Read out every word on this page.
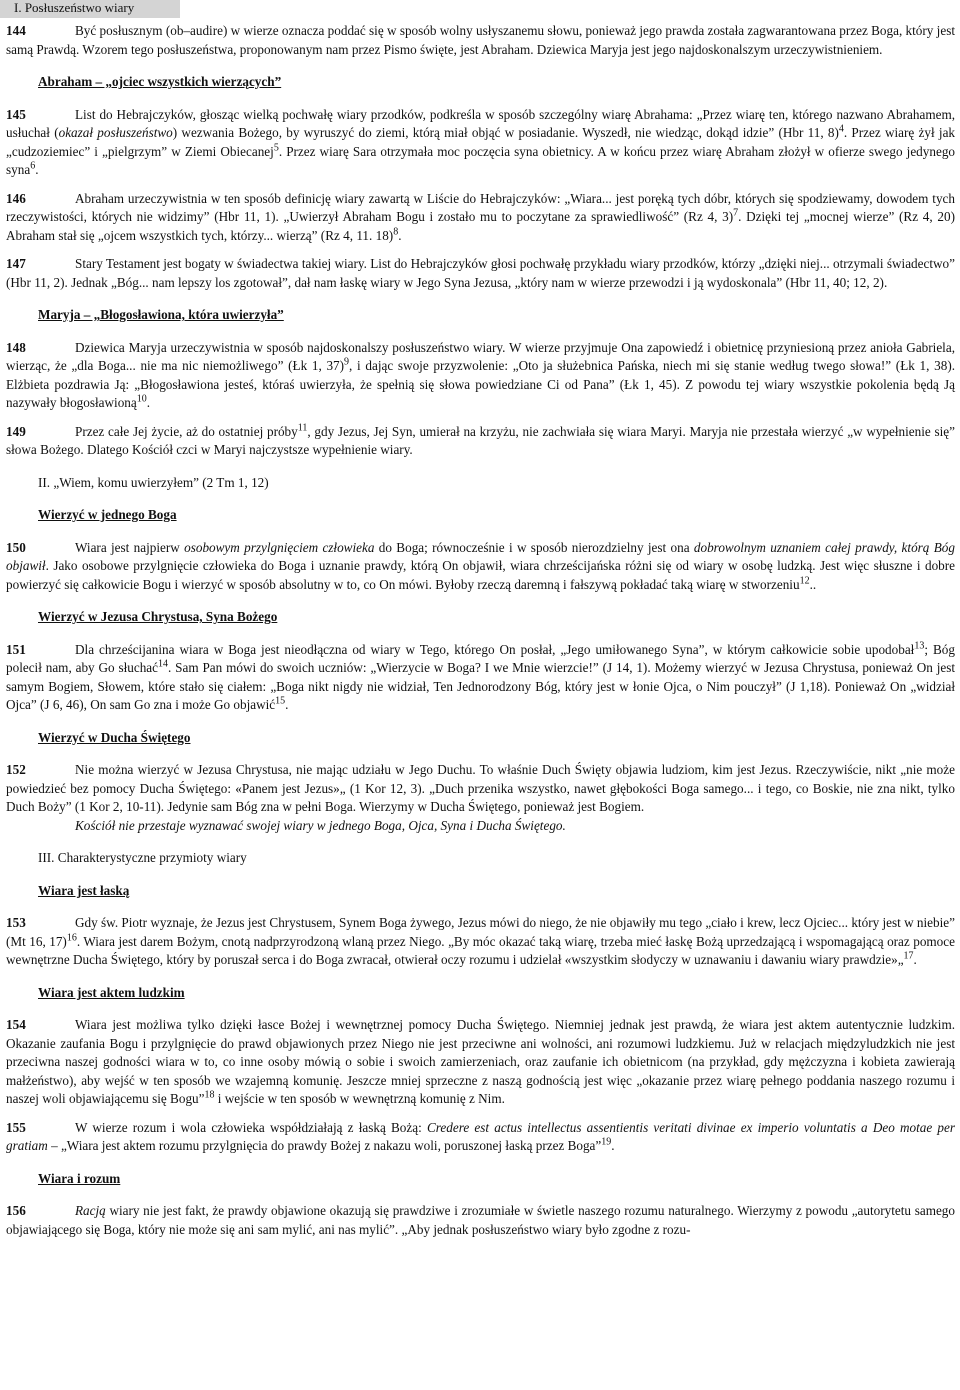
I. Posłuszeństwo wiary

144	Być posłusznym (ob–audire) w wierze oznacza poddać się w sposób wolny usłyszanemu słowu, ponieważ jego prawda została zagwarantowana przez Boga, który jest samą Prawdą. Wzorem tego posłuszeństwa, proponowanym nam przez Pismo święte, jest Abraham. Dziewica Maryja jest jego najdoskonalszym urzeczywistnieniem.

Abraham – „ojciec wszystkich wierzących”

145	List do Hebrajczyków, głosząc wielką pochwałę wiary przodków, podkreśla w sposób szczególny wiarę Abrahama: „Przez wiarę ten, którego nazwano Abrahamem, usłuchał (okazał posłuszeństwo) wezwania Bożego, by wyruszyć do ziemi, którą miał objąć w posiadanie. Wyszedł, nie wiedząc, dokąd idzie” (Hbr 11, 8)$^4$. Przez wiarę żył jak „cudzoziemiec” i „pielgrzym” w Ziemi Obiecanej$^5$. Przez wiarę Sara otrzymała moc poczęcia syna obietnicy. A w końcu przez wiarę Abraham złożył w ofierze swego jedynego syna$^6$.

146	Abraham urzeczywistnia w ten sposób definicję wiary zawartą w Liście do Hebrajczyków: „Wiara... jest poręką tych dóbr, których się spodziewamy, dowodem tych rzeczywistości, których nie widzimy” (Hbr 11, 1). „Uwierzył Abraham Bogu i zostało mu to poczytane za sprawiedliwość” (Rz 4, 3)$^7$. Dzięki tej „mocnej wierze” (Rz 4, 20) Abraham stał się „ojcem wszystkich tych, którzy... wierzą” (Rz 4, 11. 18)$^8$.

147	Stary Testament jest bogaty w świadectwa takiej wiary. List do Hebrajczyków głosi pochwałę przykładu wiary przodków, którzy „dzięki niej... otrzymali świadectwo” (Hbr 11, 2). Jednak „Bóg... nam lepszy los zgotował”, dał nam łaskę wiary w Jego Syna Jezusa, „który nam w wierze przewodzi i ją wydoskonala” (Hbr 11, 40; 12, 2).

Maryja – „Błogosławiona, która uwierzyła”

148	Dziewica Maryja urzeczywistnia w sposób najdoskonalszy posłuszeństwo wiary. W wierze przyjmuje Ona zapowiedź i obietnicę przyniesioną przez anioła Gabriela, wierząc, że „dla Boga... nie ma nic niemożliwego” (Łk 1, 37)$^9$, i dając swoje przyzwolenie: „Oto ja służebnica Pańska, niech mi się stanie według twego słowa!” (Łk 1, 38). Elżbieta pozdrawia Ją: „Błogosławiona jesteś, któraś uwierzyła, że spełnią się słowa powiedziane Ci od Pana” (Łk 1, 45). Z powodu tej wiary wszystkie pokolenia będą Ją nazywały błogosławioną$^{10}$.

149	Przez całe Jej życie, aż do ostatniej próby$^{11}$, gdy Jezus, Jej Syn, umierał na krzyżu, nie zachwiała się wiara Maryi. Maryja nie przestała wierzyć „w wypełnienie się” słowa Bożego. Dlatego Kościół czci w Maryi najczystsze wypełnienie wiary.

II. „Wiem, komu uwierzyłem” (2 Tm 1, 12)

Wierzyć w jednego Boga

150	Wiara jest najpierw osobowym przylgnięciem człowieka do Boga; równocześnie i w sposób nierozdzielny jest ona dobrowolnym uznaniem całej prawdy, którą Bóg objawił. Jako osobowe przylgnięcie człowieka do Boga i uznanie prawdy, którą On objawił, wiara chrześcijańska różni się od wiary w osobę ludzką. Jest więc słuszne i dobre powierzyć się całkowicie Bogu i wierzyć w sposób absolutny w to, co On mówi. Byłoby rzeczą daremną i fałszywą pokładać taką wiarę w stworzeniu$^{12}$..

Wierzyć w Jezusa Chrystusa, Syna Bożego

151	Dla chrześcijanina wiara w Boga jest nieodłączna od wiary w Tego, którego On posłał, „Jego umiłowanego Syna”, w którym całkowicie sobie upodobał$^{13}$; Bóg polecił nam, aby Go słuchać$^{14}$. Sam Pan mówi do swoich uczniów: „Wierzycie w Boga? I we Mnie wierzcie!” (J 14, 1). Możemy wierzyć w Jezusa Chrystusa, ponieważ On jest samym Bogiem, Słowem, które stało się ciałem: „Boga nikt nigdy nie widział, Ten Jednorodzony Bóg, który jest w łonie Ojca, o Nim pouczył” (J 1,18). Ponieważ On „widział Ojca” (J 6, 46), On sam Go zna i może Go objawić$^{15}$.

Wierzyć w Ducha Świętego

152	Nie można wierzyć w Jezusa Chrystusa, nie mając udziału w Jego Duchu. To właśnie Duch Święty objawia ludziom, kim jest Jezus. Rzeczywiście, nikt „nie może powiedzieć bez pomocy Ducha Świętego: «Panem jest Jezus»„ (1 Kor 12, 3). „Duch przenika wszystko, nawet głębokości Boga samego... i tego, co Boskie, nie zna nikt, tylko Duch Boży” (1 Kor 2, 10-11). Jedynie sam Bóg zna w pełni Boga. Wierzymy w Ducha Świętego, ponieważ jest Bogiem.
Kościół nie przestaje wyznawać swojej wiary w jednego Boga, Ojca, Syna i Ducha Świętego.

III. Charakterystyczne przymioty wiary

Wiara jest łaską

153	Gdy św. Piotr wyznaje, że Jezus jest Chrystusem, Synem Boga żywego, Jezus mówi do niego, że nie objawiły mu tego „ciało i krew, lecz Ojciec... który jest w niebie” (Mt 16, 17)$^{16}$. Wiara jest darem Bożym, cnotą nadprzyrodzoną wlaną przez Niego. „By móc okazać taką wiarę, trzeba mieć łaskę Bożą uprzedzającą i wspomagającą oraz pomoce wewnętrzne Ducha Świętego, który by poruszał serca i do Boga zwracał, otwierał oczy rozumu i udzielał «wszystkim słodyczy w uznawaniu i dawaniu wiary prawdzie»„$^{17}$.

Wiara jest aktem ludzkim

154	Wiara jest możliwa tylko dzięki łasce Bożej i wewnętrznej pomocy Ducha Świętego. Niemniej jednak jest prawdą, że wiara jest aktem autentycznie ludzkim. Okazanie zaufania Bogu i przylgnięcie do prawd objawionych przez Niego nie jest przeciwne ani wolności, ani rozumowi ludzkiemu. Już w relacjach międzyludzkich nie jest przeciwna naszej godności wiara w to, co inne osoby mówią o sobie i swoich zamierzeniach, oraz zaufanie ich obietnicom (na przykład, gdy mężczyzna i kobieta zawierają małżeństwo), aby wejść w ten sposób we wzajemną komunię. Jeszcze mniej sprzeczne z naszą godnością jest więc „okazanie przez wiarę pełnego poddania naszego rozumu i naszej woli objawiającemu się Bogu”$^{18}$ i wejście w ten sposób w wewnętrzną komunię z Nim.

155	W wierze rozum i wola człowieka współdziałają z łaską Bożą: Credere est actus intellectus assentientis veritati divinae ex imperio voluntatis a Deo motae per gratiam – „Wiara jest aktem rozumu przylgnięcia do prawdy Bożej z nakazu woli, poruszonej łaską przez Boga”$^{19}$.

Wiara i rozum

156	Racją wiary nie jest fakt, że prawdy objawione okazują się prawdziwe i zrozumiałe w świetle naszego rozumu naturalnego. Wierzymy z powodu „autorytetu samego objawiającego się Boga, który nie może się ani sam mylić, ani nas mylić”. „Aby jednak posłuszeństwo wiary było zgodne z rozu-
